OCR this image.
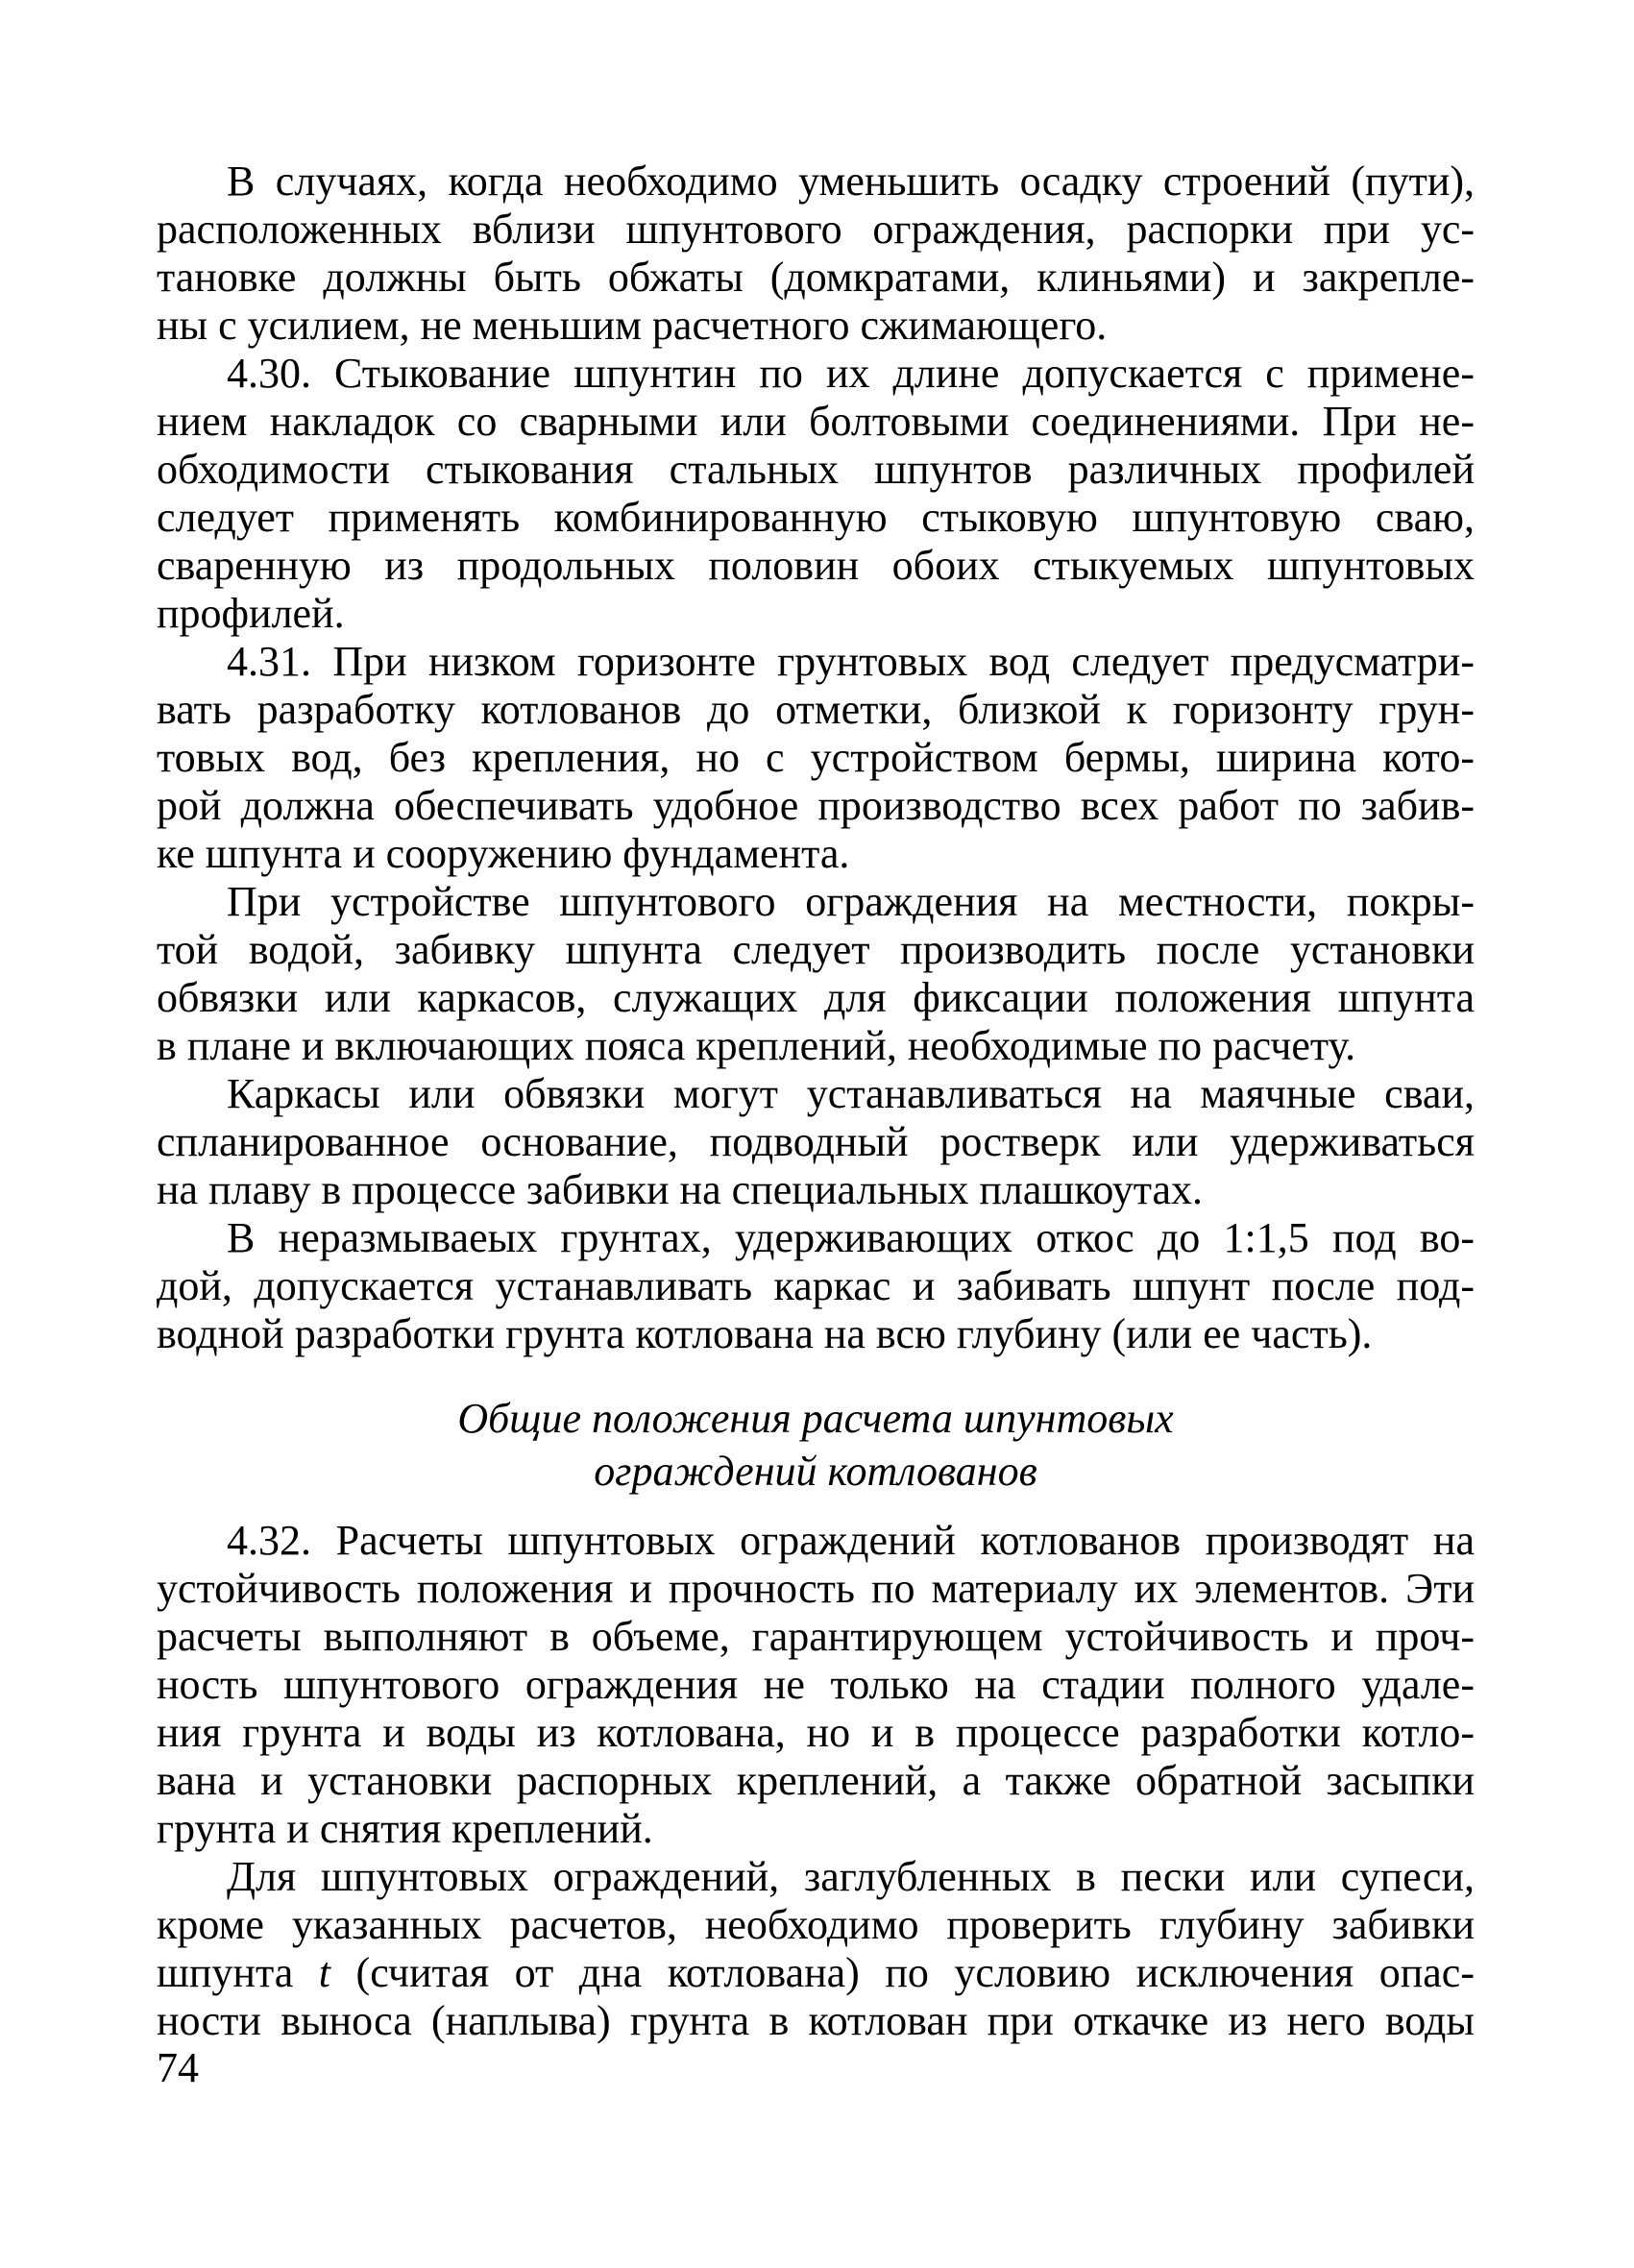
В случаях, когда необходимо уменьшить осадку строений (пути),
расположенных вблизи шпунтового ограждения, распорки при ус-
тановке должны быть обжаты (домкратами, клиньями) и закрепле-
ны с усилием, не меньшим расчетного сжимающего.
4.30. Стыкование шпунтин по их длине допускается с примене-
нием накладок со сварными или болтовыми соединениями. При не-
обходимости стыкования стальных шпунтов различных профилей
следует применять комбинированную стыковую шпунтовую сваю,
сваренную из продольных половин обоих стыкуемых шпунтовых
профилей.
4.31. При низком горизонте грунтовых вод следует предусматри-
вать разработку котлованов до отметки, близкой к горизонту грун-
товых вод, без крепления, но с устройством бермы, ширина кото-
рой должна обеспечивать удобное производство всех работ по забив-
ке шпунта и сооружению фундамента.
При устройстве шпунтового ограждения на местности, покры-
той водой, забивку шпунта следует производить после установки
обвязки или каркасов, служащих для фиксации положения шпунта
в плане и включающих пояса креплений, необходимые по расчету.
Каркасы или обвязки могут устанавливаться на маячные сваи,
спланированное основание, подводный ростверк или удерживаться
на плаву в процессе забивки на специальных плашкоутах.
В неразмываеых грунтах, удерживающих откос до 1:1,5 под во-
дой, допускается устанавливать каркас и забивать шпунт после под-
водной разработки грунта котлована на всю глубину (или ее часть).
Общие положения расчета шпунтовых
ограждений котлованов
4.32. Расчеты шпунтовых ограждений котлованов производят на
устойчивость положения и прочность по материалу их элементов. Эти
расчеты выполняют в объеме, гарантирующем устойчивость и проч-
ность шпунтового ограждения не только на стадии полного удале-
ния грунта и воды из котлована, но и в процессе разработки котло-
вана и установки распорных креплений, а также обратной засыпки
грунта и снятия креплений.
Для шпунтовых ограждений, заглубленных в пески или супеси,
кроме указанных расчетов, необходимо проверить глубину забивки
шпунта t (считая от дна котлована) по условию исключения опас-
ности выноса (наплыва) грунта в котлован при откачке из него воды
74
